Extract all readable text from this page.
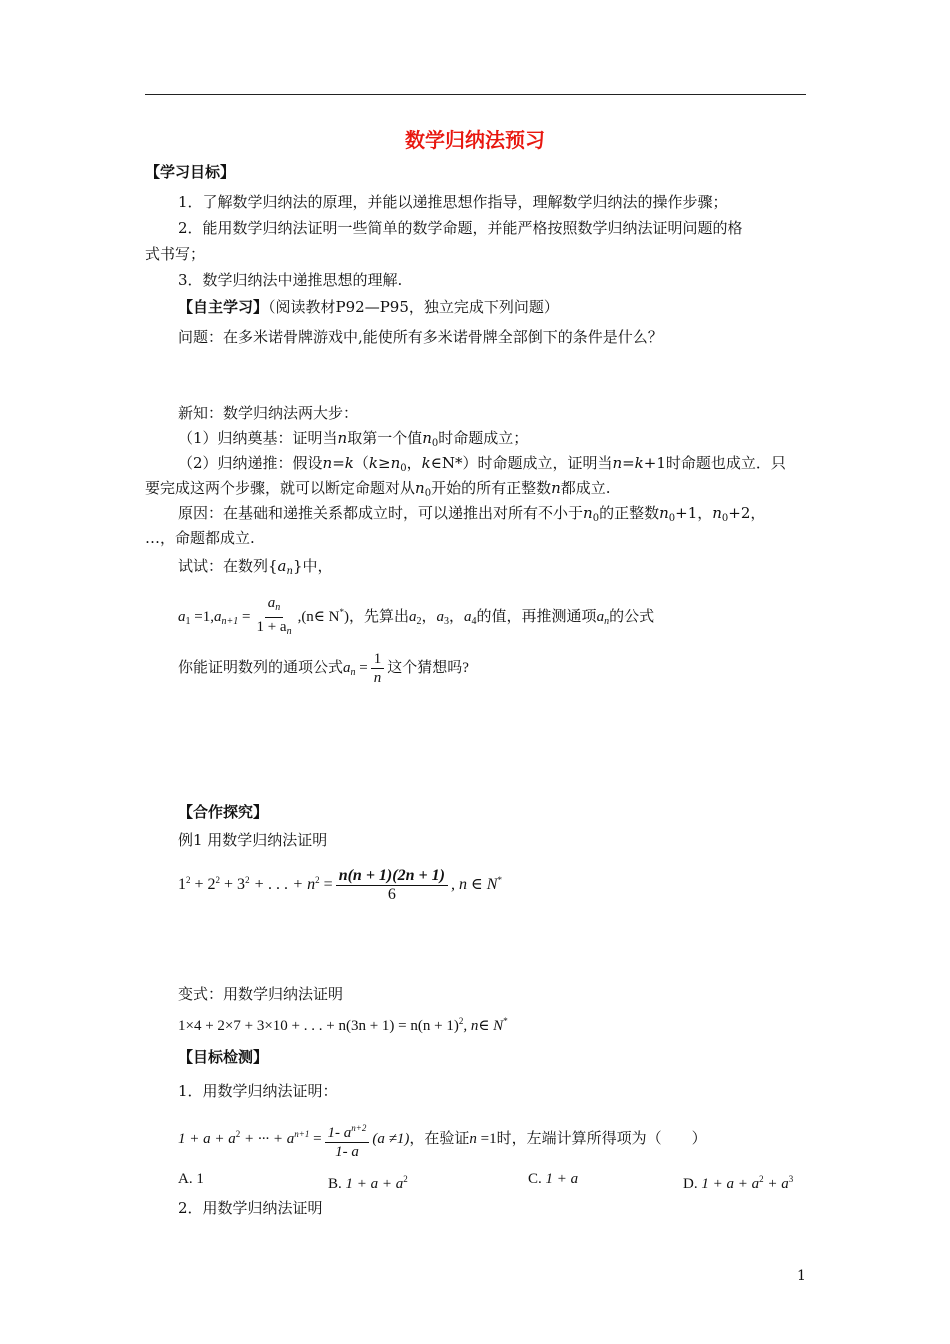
数学归纳法预习
【学习目标】
1．了解数学归纳法的原理，并能以递推思想作指导，理解数学归纳法的操作步骤；
2．能用数学归纳法证明一些简单的数学命题，并能严格按照数学归纳法证明问题的格
式书写；
3．数学归纳法中递推思想的理解.
【自主学习】（阅读教材P92—P95，独立完成下列问题）
问题：在多米诺骨牌游戏中,能使所有多米诺骨牌全部倒下的条件是什么？
新知：数学归纳法两大步：
（1）归纳奠基：证明当n取第一个值$n_0$时命题成立；
（2）归纳递推：假设$n=k(k\ge n_0$，k∈N*）时命题成立，证明当n=k+1时命题也成立．只
要完成这两个步骤，就可以断定命题对从$n_0$开始的所有正整数n都成立.
原因：在基础和递推关系都成立时，可以递推出对所有不小于$n_0$的正整数$n_0+1$，$n_0+2$，
…，命题都成立.
试试：在数列$\{a_n\}$中，
$a_1 =1,a_{n+1} = \frac{a_n}{1 + a_n}$ ,(n∈ N*)，先算出$a_2$，$a_3$，$a_4$的值，再推测通项$a_n$的公式
你能证明数列的通项公式$a_n = \frac{1}{n}$ 这个猜想吗?
【合作探究】
例1 用数学归纳法证明
$1^2 + 2^2 + 3^2$ + . . . + $n^2 = \frac{n(n + 1)(2n + 1)}{6}$ , n ∈ N*
变式：用数学归纳法证明
1×4 + 2×7 + 3×10 + . . . + $n(3n + 1) = n(n + 1)^2$, n∈ N*
【目标检测】
1．用数学归纳法证明：
$1 + a + a^2$ + ··· + $a^{n+1} = \frac{1- a^{n+2}}{1- a} (a \ne 1)$，在验证n =1时，左端计算所得项为（　　）
A. 1	B. $1 + a + a^2$	C. 1 + a	D. $1 + a + a^2 + a^3$
2．用数学归纳法证明
1
